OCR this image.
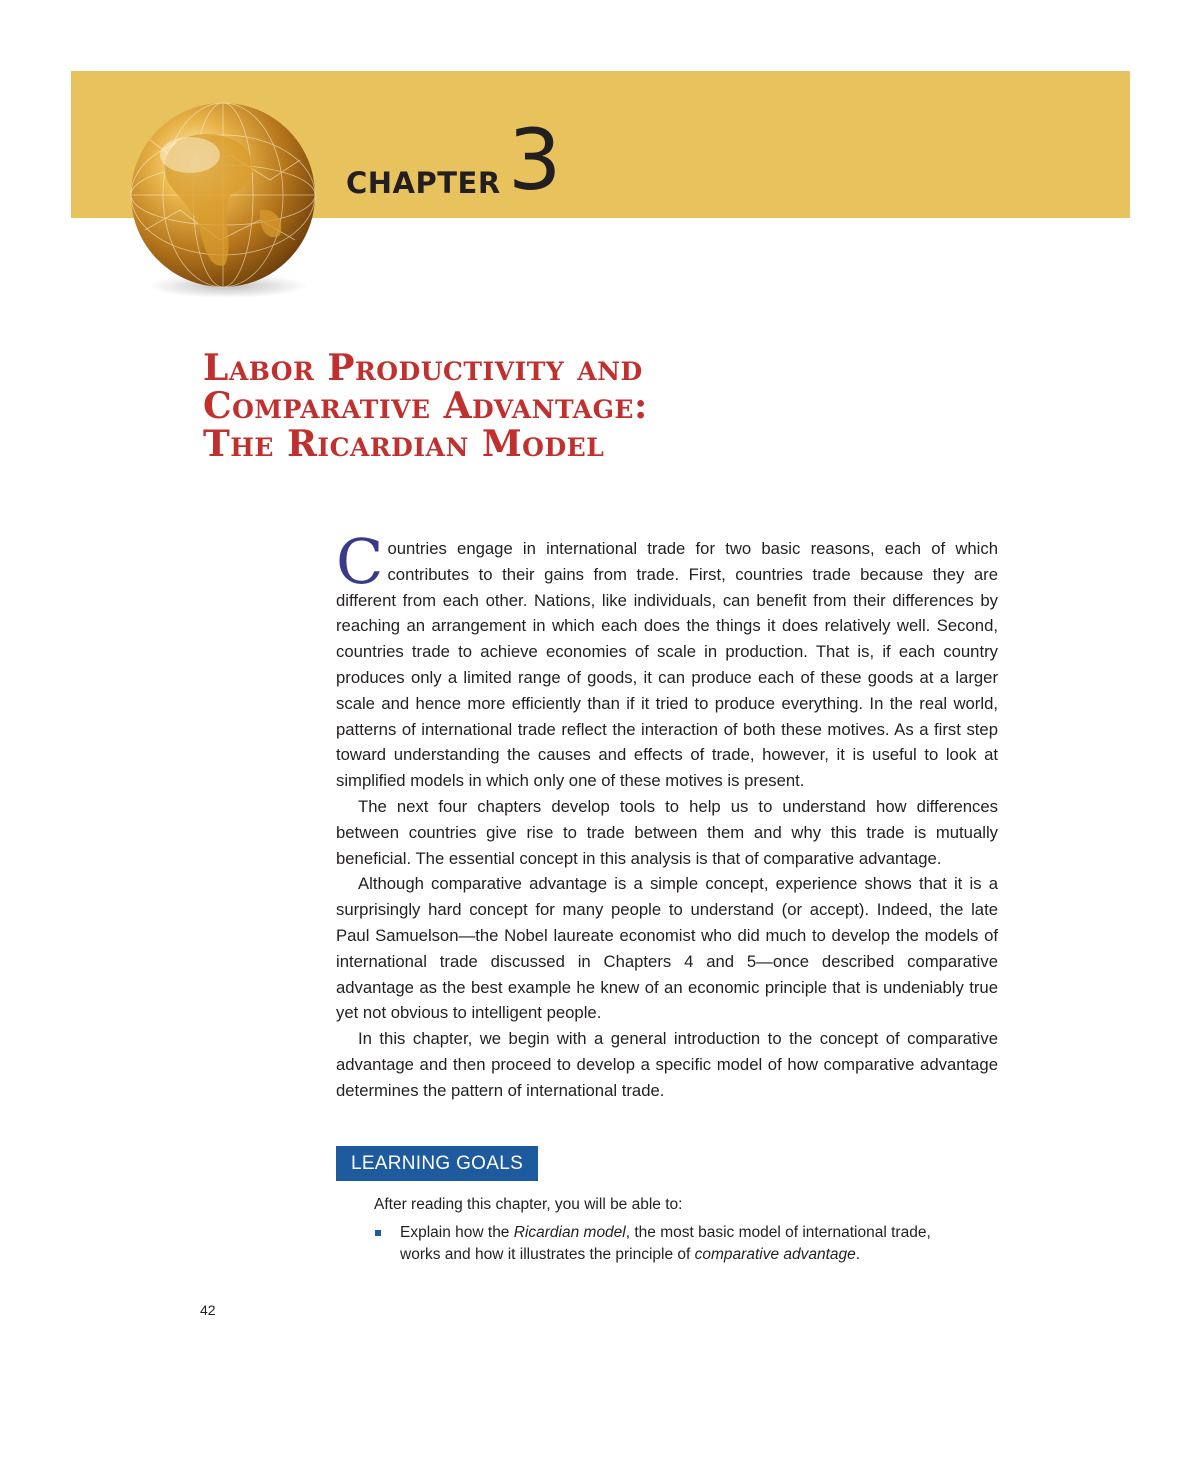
CHAPTER 3
Labor Productivity and
Comparative Advantage:
The Ricardian Model

Countries engage in international trade for two basic reasons, each of which contributes to their gains from trade. First, countries trade because they are different from each other. Nations, like individuals, can benefit from their differences by reaching an arrangement in which each does the things it does relatively well. Second, countries trade to achieve economies of scale in production. That is, if each country produces only a limited range of goods, it can produce each of these goods at a larger scale and hence more efficiently than if it tried to produce everything. In the real world, patterns of international trade reflect the interaction of both these motives. As a first step toward understanding the causes and effects of trade, however, it is useful to look at simplified models in which only one of these motives is present.

The next four chapters develop tools to help us to understand how differences between countries give rise to trade between them and why this trade is mutually beneficial. The essential concept in this analysis is that of comparative advantage.

Although comparative advantage is a simple concept, experience shows that it is a surprisingly hard concept for many people to understand (or accept). Indeed, the late Paul Samuelson—the Nobel laureate economist who did much to develop the models of international trade discussed in Chapters 4 and 5—once described comparative advantage as the best example he knew of an economic principle that is undeniably true yet not obvious to intelligent people.

In this chapter, we begin with a general introduction to the concept of comparative advantage and then proceed to develop a specific model of how comparative advantage determines the pattern of international trade.

LEARNING GOALS
After reading this chapter, you will be able to:
Explain how the Ricardian model, the most basic model of international trade, works and how it illustrates the principle of comparative advantage.
42
